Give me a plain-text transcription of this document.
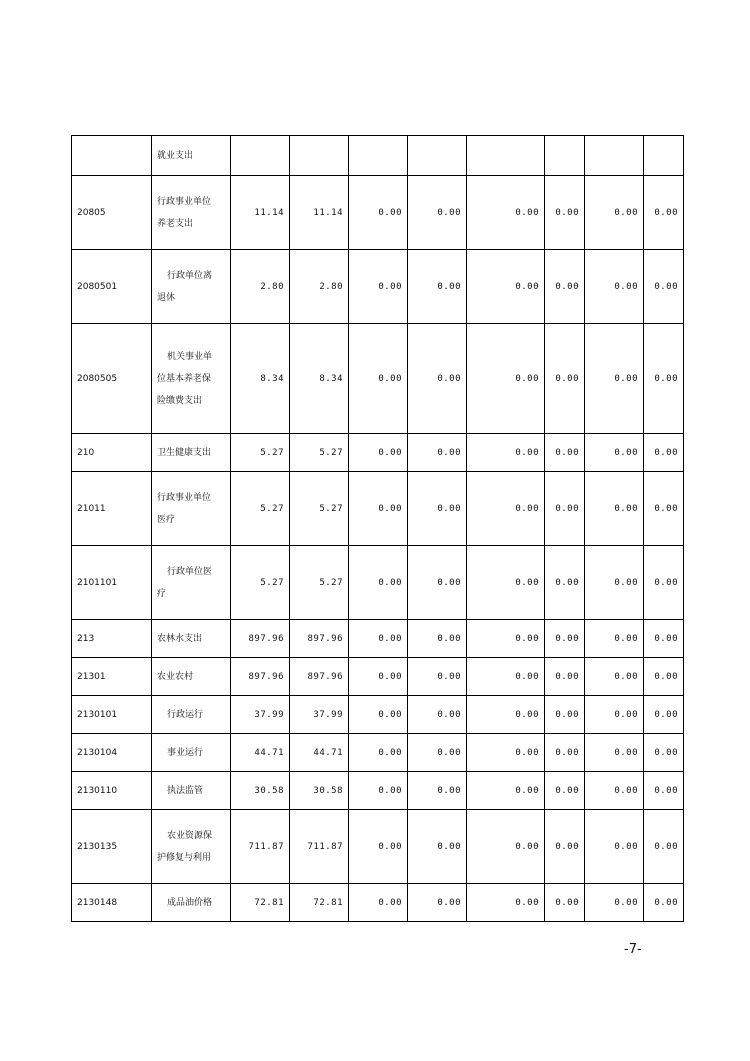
	就业支出								

20805	行政事业单位
养老支出	11.14	11.14	0.00	0.00	0.00	0.00	0.00	0.00
2080501	行政单位离
退休	2.80	2.80	0.00	0.00	0.00	0.00	0.00	0.00
2080505	机关事业单
位基本养老保
险缴费支出	8.34	8.34	0.00	0.00	0.00	0.00	0.00	0.00
210	卫生健康支出	5.27	5.27	0.00	0.00	0.00	0.00	0.00	0.00
21011	行政事业单位
医疗	5.27	5.27	0.00	0.00	0.00	0.00	0.00	0.00
2101101	行政单位医
疗	5.27	5.27	0.00	0.00	0.00	0.00	0.00	0.00
213	农林水支出	897.96	897.96	0.00	0.00	0.00	0.00	0.00	0.00
21301	农业农村	897.96	897.96	0.00	0.00	0.00	0.00	0.00	0.00
2130101	行政运行	37.99	37.99	0.00	0.00	0.00	0.00	0.00	0.00
2130104	事业运行	44.71	44.71	0.00	0.00	0.00	0.00	0.00	0.00
2130110	执法监管	30.58	30.58	0.00	0.00	0.00	0.00	0.00	0.00
2130135	农业资源保
护修复与利用	711.87	711.87	0.00	0.00	0.00	0.00	0.00	0.00
2130148	成品油价格	72.81	72.81	0.00	0.00	0.00	0.00	0.00	0.00
-7-
